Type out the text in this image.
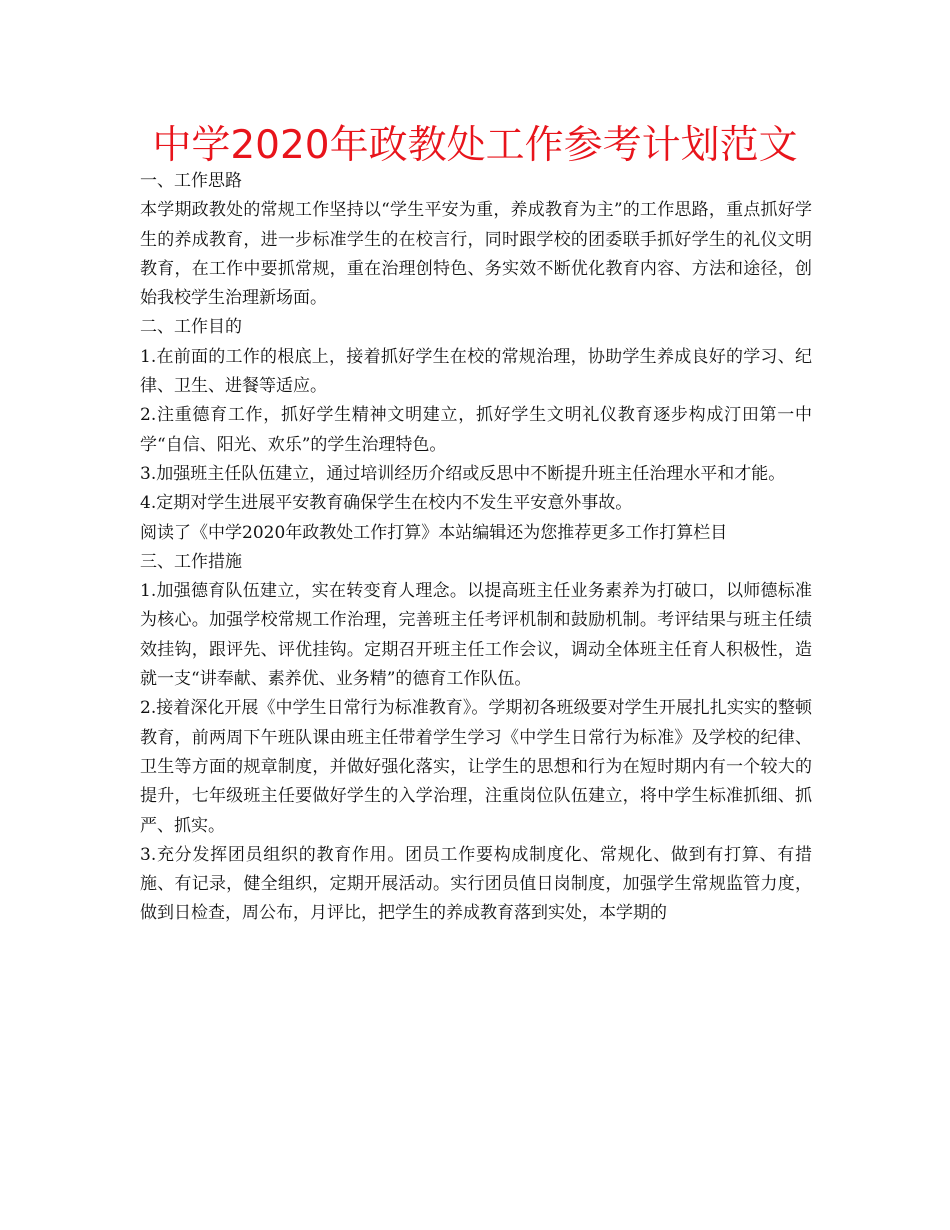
中学2020年政教处工作参考计划范文

一、工作思路

本学期政教处的常规工作坚持以“学生平安为重，养成教育为主”的工作思路，重点抓好学生的养成教育，进一步标准学生的在校言行，同时跟学校的团委联手抓好学生的礼仪文明教育，在工作中要抓常规，重在治理创特色、务实效不断优化教育内容、方法和途径，创始我校学生治理新场面。

二、工作目的

1.在前面的工作的根底上，接着抓好学生在校的常规治理，协助学生养成良好的学习、纪律、卫生、进餐等适应。

2.注重德育工作，抓好学生精神文明建立，抓好学生文明礼仪教育逐步构成汀田第一中学“自信、阳光、欢乐”的学生治理特色。

3.加强班主任队伍建立，通过培训经历介绍或反思中不断提升班主任治理水平和才能。

4.定期对学生进展平安教育确保学生在校内不发生平安意外事故。

阅读了《中学2020年政教处工作打算》本站编辑还为您推荐更多工作打算栏目

三、工作措施

1.加强德育队伍建立，实在转变育人理念。以提高班主任业务素养为打破口，以师德标准为核心。加强学校常规工作治理，完善班主任考评机制和鼓励机制。考评结果与班主任绩效挂钩，跟评先、评优挂钩。定期召开班主任工作会议，调动全体班主任育人积极性，造就一支“讲奉献、素养优、业务精”的德育工作队伍。

2.接着深化开展《中学生日常行为标准教育》。学期初各班级要对学生开展扎扎实实的整顿教育，前两周下午班队课由班主任带着学生学习《中学生日常行为标准》及学校的纪律、卫生等方面的规章制度，并做好强化落实，让学生的思想和行为在短时期内有一个较大的提升，七年级班主任要做好学生的入学治理，注重岗位队伍建立，将中学生标准抓细、抓严、抓实。

3.充分发挥团员组织的教育作用。团员工作要构成制度化、常规化、做到有打算、有措施、有记录，健全组织，定期开展活动。实行团员值日岗制度，加强学生常规监管力度，做到日检查，周公布，月评比，把学生的养成教育落到实处，本学期的
